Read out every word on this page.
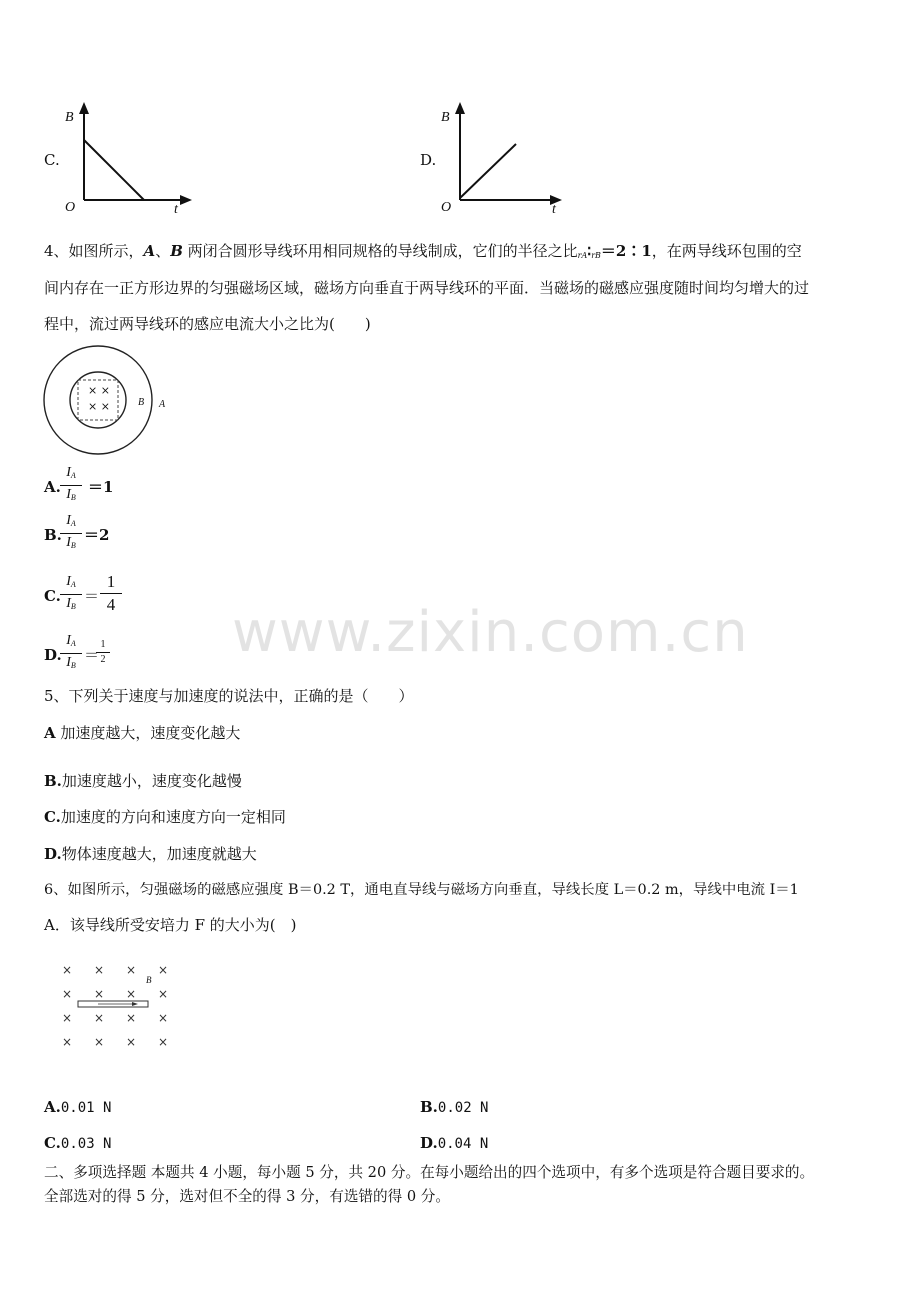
www.zixin.com.cn
C.
B
O	t
D.
B
O	t
4、如图所示，A、B 两闭合圆形导线环用相同规格的导线制成，它们的半径之比$_{rA}∶_{rB}=2∶1$，在两导线环包围的空
间内存在一正方形边界的匀强磁场区域，磁场方向垂直于两导线环的平面．当磁场的磁感应强度随时间均匀增大的过
程中，流过两导线环的感应电流大小之比为(　　)
× ×
× ×	B A
A.
$I_A$
$I_B$
＝1
B.
$I_A$
$I_B$
＝2
C.
$I_A$
$I_B$
＝
1
4
D.
$I_A$
$I_B$
＝
1
2
5、下列关于速度与加速度的说法中，正确的是（　　）
A 加速度越大，速度变化越大
B.加速度越小，速度变化越慢
C.加速度的方向和速度方向一定相同
D.物体速度越大，加速度就越大
6、如图所示，匀强磁场的磁感应强度 B＝0.2 T，通电直导线与磁场方向垂直，导线长度 L＝0.2 m，导线中电流 I＝1
A．该导线所受安培力 F 的大小为(　)
× × × ×
× × × ×
× × × ×
× × × ×
B
A.0.01 N	B.0.02 N
C.0.03 N	D.0.04 N
二、多项选择题 本题共 4 小题，每小题 5 分，共 20 分。在每小题给出的四个选项中，有多个选项是符合题目要求的。
全部选对的得 5 分，选对但不全的得 3 分，有选错的得 0 分。
